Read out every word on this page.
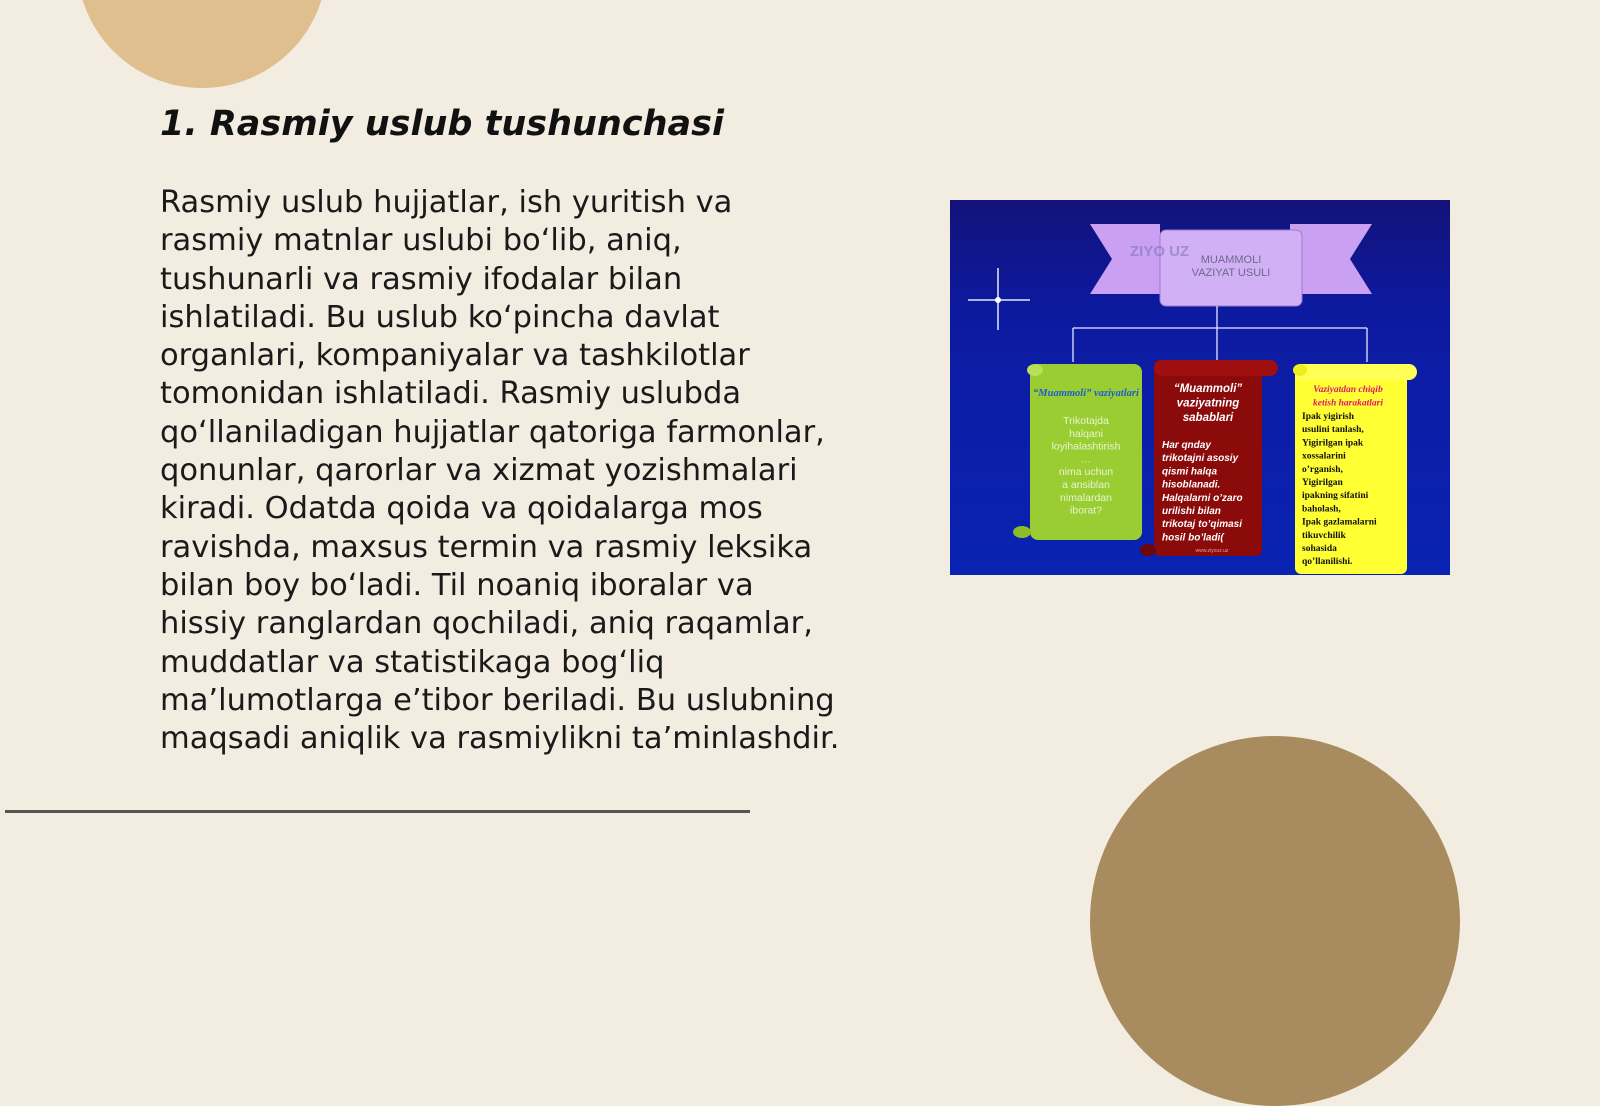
1. Rasmiy uslub tushunchasi

Rasmiy uslub hujjatlar, ish yuritish va rasmiy matnlar uslubi bo‘lib, aniq, tushunarli va rasmiy ifodalar bilan ishlatiladi. Bu uslub ko‘pincha davlat organlari, kompaniyalar va tashkilotlar tomonidan ishlatiladi. Rasmiy uslubda qo‘llaniladigan hujjatlar qatoriga farmonlar, qonunlar, qarorlar va xizmat yozishmalari kiradi. Odatda qoida va qoidalarga mos ravishda, maxsus termin va rasmiy leksika bilan boy bo‘ladi. Til noaniq iboralar va hissiy ranglardan qochiladi, aniq raqamlar, muddatlar va statistikaga bog‘liq ma’lumotlarga e’tibor beriladi. Bu uslubning maqsadi aniqlik va rasmiylikni ta’minlashdir.

ZIYO UZ MUAMMOLI
VAZIYAT USULI
“Muammoli” vaziyatlari
Trikotajda
halqani
loyihalashtirish
…
nima uchun
a ansiblan
nimalardan
iborat?
“Muammoli”
vaziyatning
sabablari
Har qnday
trikotajni asosiy
qismi halqa
hisoblanadi.
Halqalarni o’zaro
urilishi bilan
trikotaj to’qimasi
hosil bo’ladi(
www.ziyouz.uz
Vaziyatdan chiqib
ketish harakatlari
Ipak yigirish
usulini tanlash,
Yigirilgan ipak
xossalarini
o’rganish,
Yigirilgan
ipakning sifatini
baholash,
Ipak gazlamalarni
tikuvchilik
sohasida
qo’llanilishi.
